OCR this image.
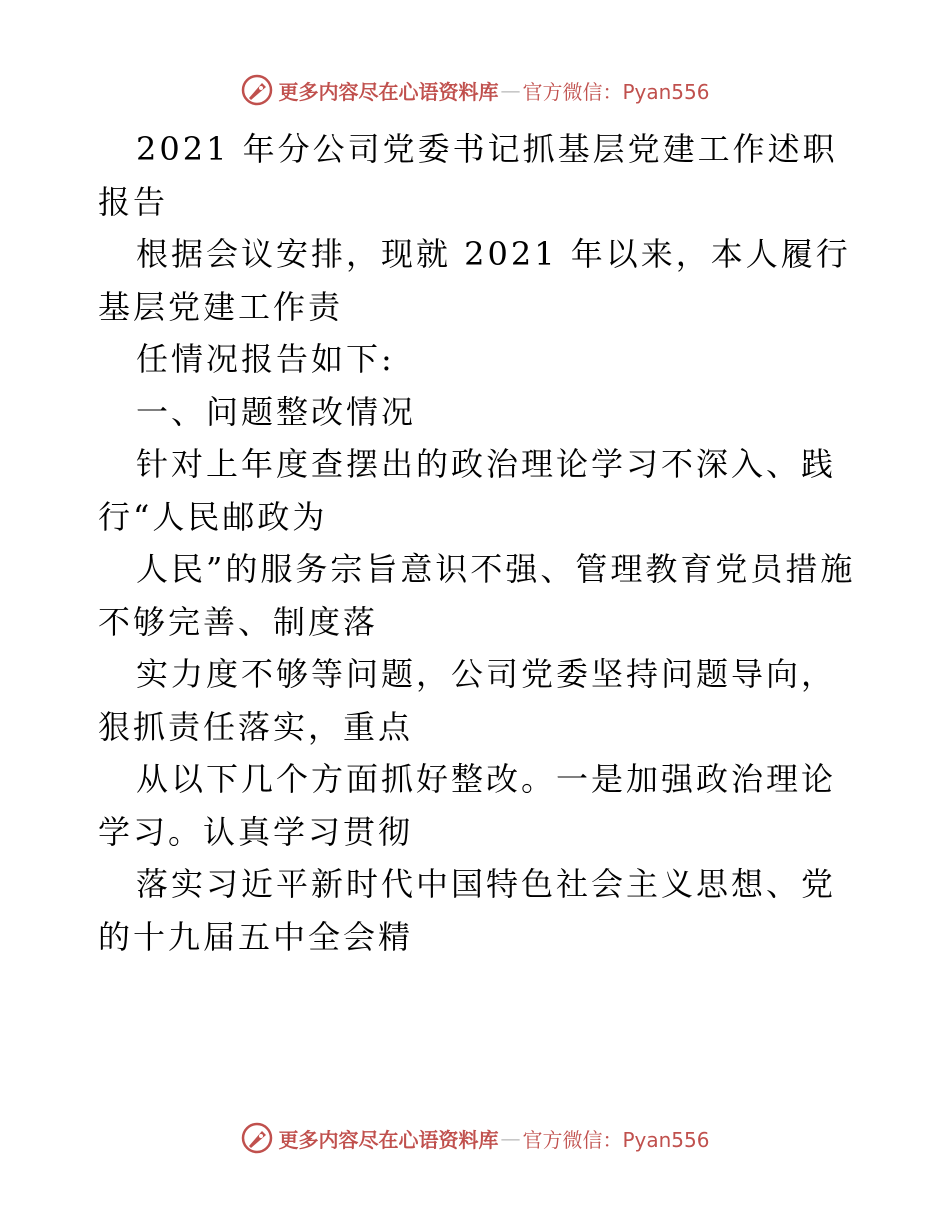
更多内容尽在心语资料库 — 官方微信：Pyan556

2021 年分公司党委书记抓基层党建工作述职报告

根据会议安排，现就 2021 年以来，本人履行基层党建工作责

任情况报告如下:

一、问题整改情况

针对上年度查摆出的政治理论学习不深入、践行“人民邮政为

人民”的服务宗旨意识不强、管理教育党员措施不够完善、制度落

实力度不够等问题，公司党委坚持问题导向，狠抓责任落实，重点

从以下几个方面抓好整改。一是加强政治理论学习。认真学习贯彻

落实习近平新时代中国特色社会主义思想、党的十九届五中全会精

更多内容尽在心语资料库 — 官方微信：Pyan556
